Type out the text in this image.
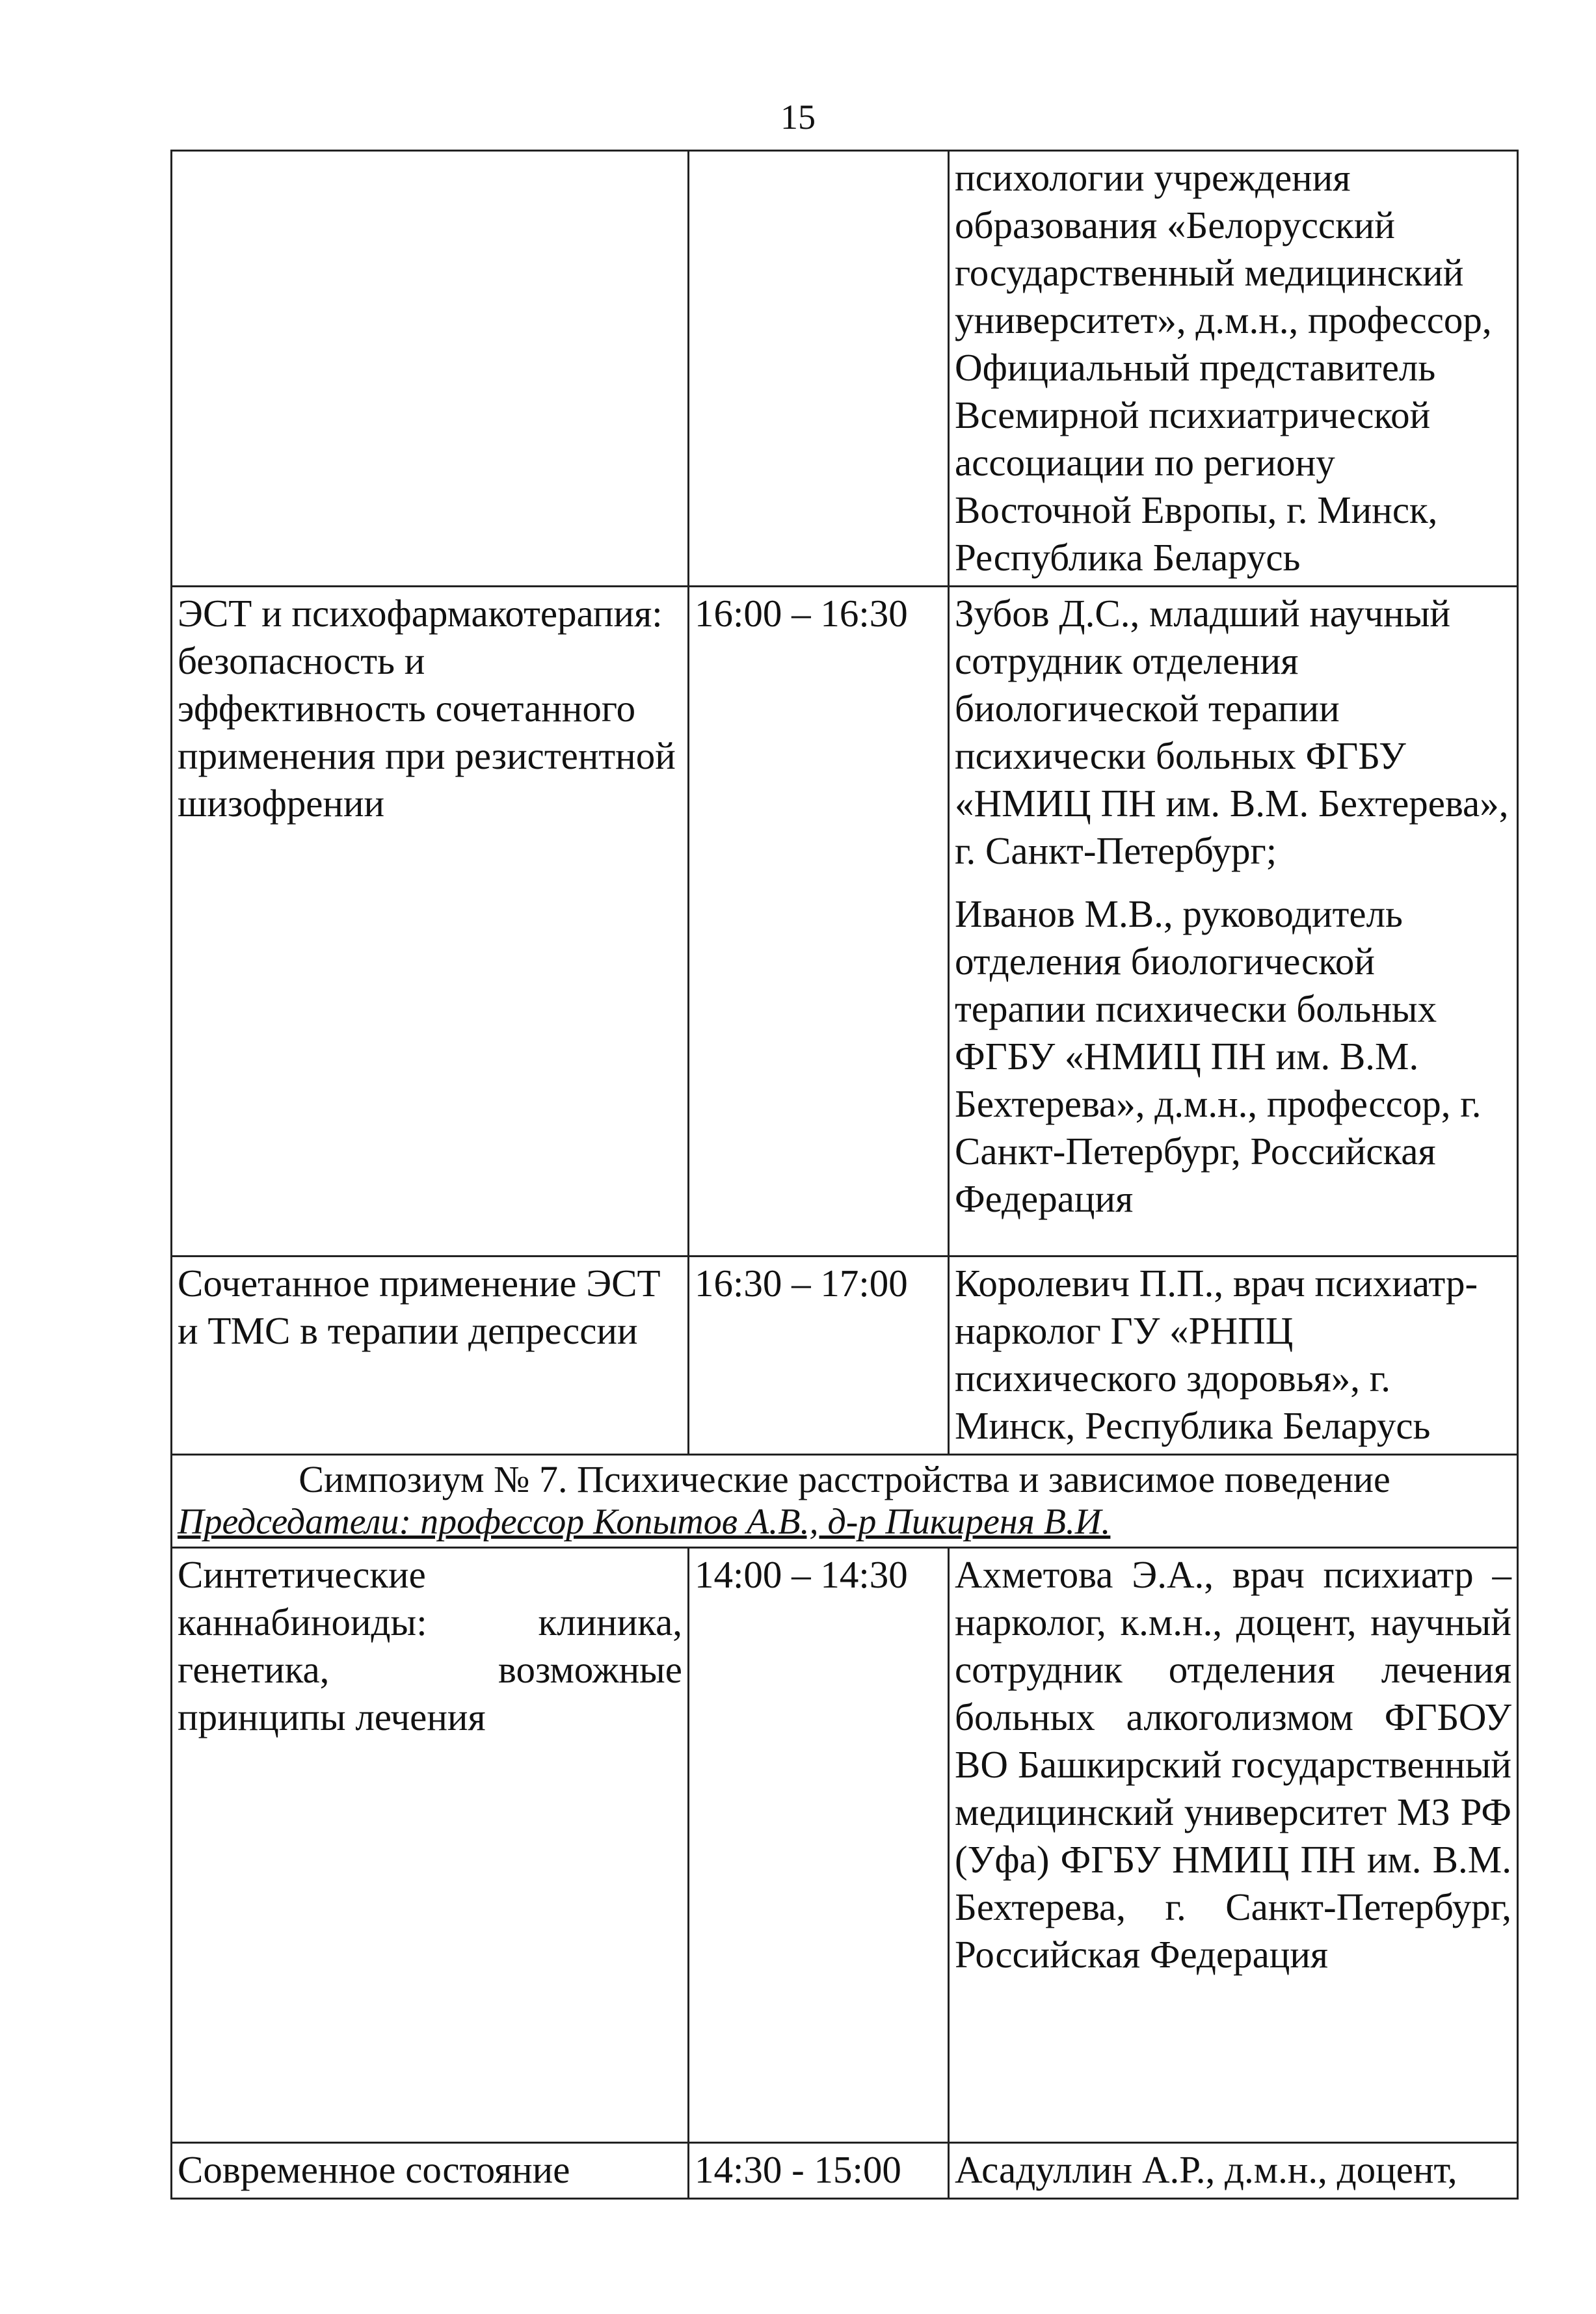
15

		психологии учреждения образования «Белорусский государственный медицинский университет», д.м.н., профессор, Официальный представитель Всемирной психиатрической ассоциации по региону Восточной Европы, г. Минск, Республика Беларусь

ЭСТ и психофармакотерапия: безопасность и эффективность сочетанного применения при резистентной шизофрении	16:00 – 16:30	Зубов Д.С., младший научный сотрудник отделения биологической терапии психически больных ФГБУ «НМИЦ ПН им. В.М. Бехтерева», г. Санкт-Петербург;
Иванов М.В., руководитель отделения биологической терапии психически больных ФГБУ «НМИЦ ПН им. В.М. Бехтерева», д.м.н., профессор, г. Санкт-Петербург, Российская Федерация

Сочетанное применение ЭСТ и ТМС в терапии депрессии	16:30 – 17:00	Королевич П.П., врач психиатр-нарколог ГУ «РНПЦ психического здоровья», г. Минск, Республика Беларусь

Симпозиум № 7. Психические расстройства и зависимое поведение
Председатели: профессор Копытов А.В., д-р Пикиреня В.И.		

Синтетические каннабиноиды: клиника, генетика, возможные принципы лечения	14:00 – 14:30	Ахметова Э.А., врач психиатр – нарколог, к.м.н., доцент, научный сотрудник отделения лечения больных алкоголизмом ФГБОУ ВО Башкирский государственный медицинский университет МЗ РФ (Уфа) ФГБУ НМИЦ ПН им. В.М. Бехтерева, г. Санкт-Петербург, Российская Федерация

Современное состояние	14:30 - 15:00	Асадуллин А.Р., д.м.н., доцент,
